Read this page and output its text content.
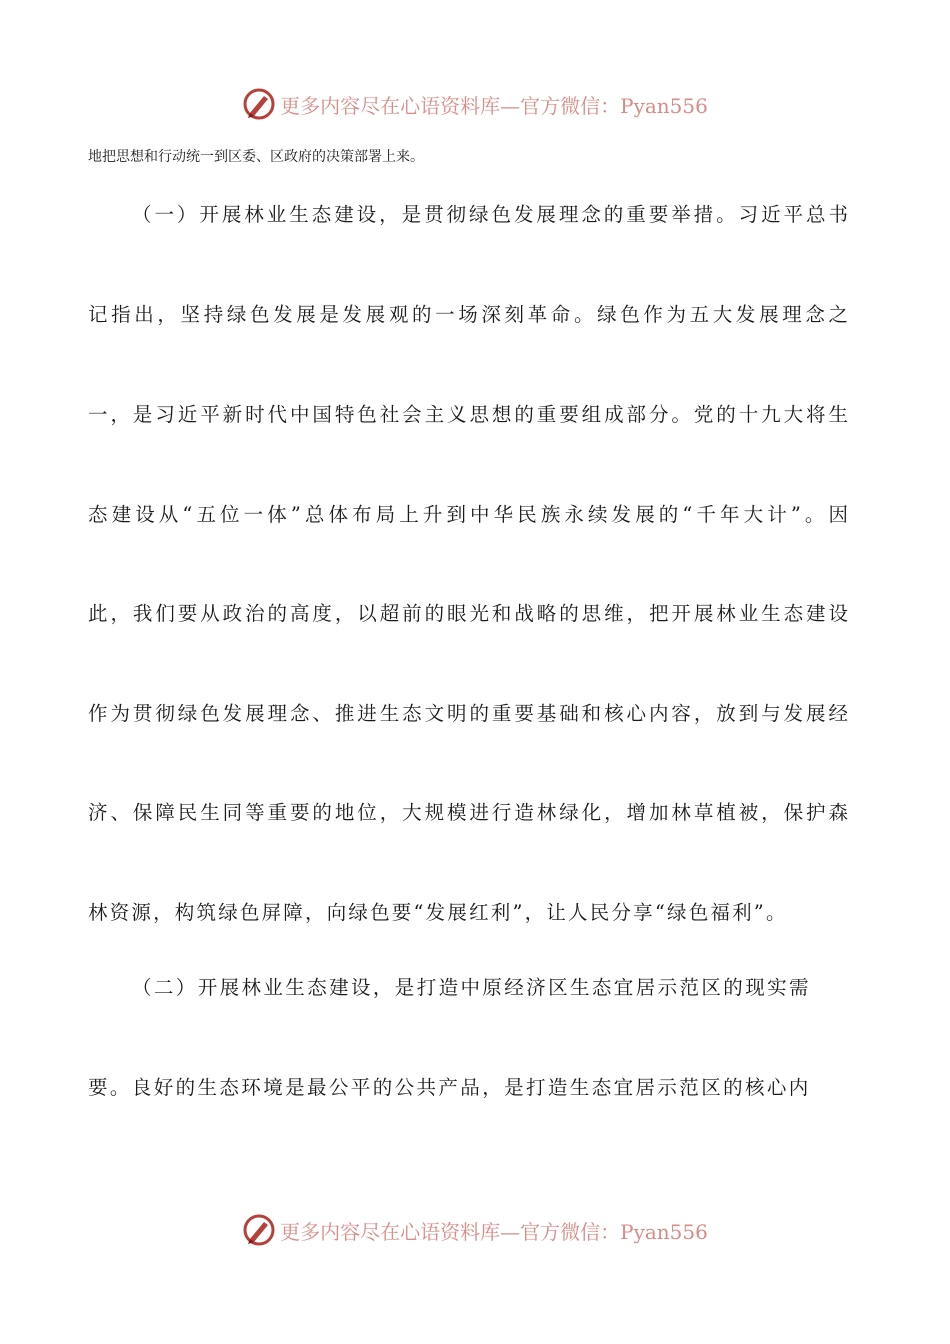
更多内容尽在心语资料库—官方微信：Pyan556
地把思想和行动统一到区委、区政府的决策部署上来。
（一）开展林业生态建设，是贯彻绿色发展理念的重要举措。习近平总书
记指出，坚持绿色发展是发展观的一场深刻革命。绿色作为五大发展理念之
一，是习近平新时代中国特色社会主义思想的重要组成部分。党的十九大将生
态建设从“五位一体”总体布局上升到中华民族永续发展的“千年大计”。因
此，我们要从政治的高度，以超前的眼光和战略的思维，把开展林业生态建设
作为贯彻绿色发展理念、推进生态文明的重要基础和核心内容，放到与发展经
济、保障民生同等重要的地位，大规模进行造林绿化，增加林草植被，保护森
林资源，构筑绿色屏障，向绿色要“发展红利”，让人民分享“绿色福利”。
（二）开展林业生态建设，是打造中原经济区生态宜居示范区的现实需
要。良好的生态环境是最公平的公共产品，是打造生态宜居示范区的核心内
更多内容尽在心语资料库—官方微信：Pyan556
